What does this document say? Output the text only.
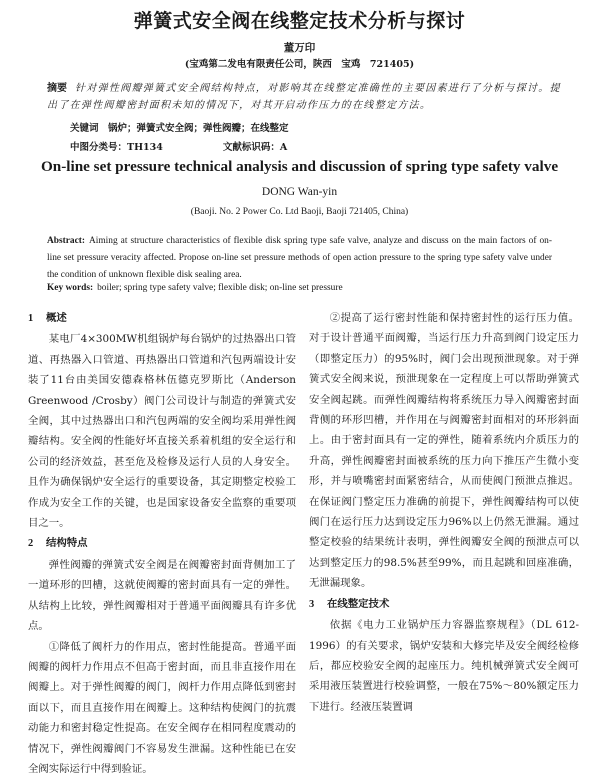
弹簧式安全阀在线整定技术分析与探讨
董万印
(宝鸡第二发电有限责任公司，陕西　宝鸡　721405)
摘要 针对弹性阀瓣弹簧式安全阀结构特点，对影响其在线整定准确性的主要因素进行了分析与探讨。提出了在弹性阀瓣密封面积未知的情况下，对其开启动作压力的在线整定方法。
关键词　锅炉；弹簧式安全阀；弹性阀瓣；在线整定
中图分类号：TH134	文献标识码：A
On-line set pressure technical analysis and discussion of spring type safety valve
DONG Wan-yin
(Baoji. No. 2 Power Co. Ltd Baoji, Baoji 721405, China)
Abstract: Aiming at structure characteristics of flexible disk spring type safe valve, analyze and discuss on the main factors of on-line set pressure veracity affected. Propose on-line set pressure methods of open action pressure to the spring type safety valve under the condition of unknown flexible disk sealing area.
Key words: boiler; spring type safety valve; flexible disk; on-line set pressure
1 概述

某电厂4×300MW机组锅炉每台锅炉的过热器出口管道、再热器入口管道、再热器出口管道和汽包两端设计安装了11台由美国安德森格林伍德克罗斯比（Anderson Greenwood /Crosby）阀门公司设计与制造的弹簧式安全阀，其中过热器出口和汽包两端的安全阀均采用弹性阀瓣结构。安全阀的性能好坏直接关系着机组的安全运行和公司的经济效益，甚至危及检修及运行人员的人身安全。且作为确保锅炉安全运行的重要设备，其定期整定校验工作成为安全工作的关键，也是国家设备安全监察的重要项目之一。

2 结构特点

弹性阀瓣的弹簧式安全阀是在阀瓣密封面背侧加工了一道环形的凹槽，这就使阀瓣的密封面具有一定的弹性。从结构上比较，弹性阀瓣相对于普通平面阀瓣具有许多优点。

①降低了阀杆力的作用点，密封性能提高。普通平面阀瓣的阀杆力作用点不但高于密封面，而且非直接作用在阀瓣上。对于弹性阀瓣的阀门，阀杆力作用点降低到密封面以下，而且直接作用在阀瓣上。这种结构使阀门的抗震动能力和密封稳定性提高。在安全阀存在相同程度震动的情况下，弹性阀瓣阀门不容易发生泄漏。这种性能已在安全阀实际运行中得到验证。

②提高了运行密封性能和保持密封性的运行压力值。对于设计普通平面阀瓣，当运行压力升高到阀门设定压力（即整定压力）的95%时，阀门会出现预泄现象。对于弹簧式安全阀来说，预泄现象在一定程度上可以帮助弹簧式安全阀起跳。而弹性阀瓣结构将系统压力导入阀瓣密封面背侧的环形凹槽，并作用在与阀瓣密封面相对的环形斜面上。由于密封面具有一定的弹性，随着系统内介质压力的升高，弹性阀瓣密封面被系统的压力向下推压产生微小变形，并与喷嘴密封面紧密结合，从而使阀门预泄点推迟。在保证阀门整定压力准确的前提下，弹性阀瓣结构可以使阀门在运行压力达到设定压力96%以上仍然无泄漏。通过整定校验的结果统计表明，弹性阀瓣安全阀的预泄点可以达到整定压力的98.5%甚至99%，而且起跳和回座准确，无泄漏现象。

3 在线整定技术

依据《电力工业锅炉压力容器监察规程》（DL 612-1996）的有关要求，锅炉安装和大修完毕及安全阀经检修后，都应校验安全阀的起座压力。纯机械弹簧式安全阀可采用液压装置进行校验调整，一般在75%～80%额定压力下进行。经液压装置调
